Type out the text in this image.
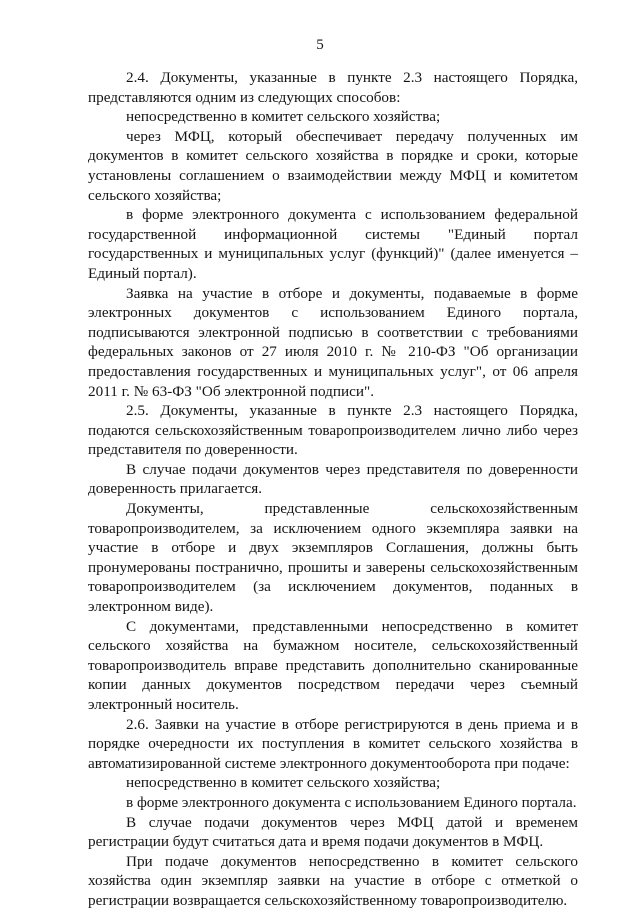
5

2.4. Документы, указанные в пункте 2.3 настоящего Порядка, представляются одним из следующих способов:

непосредственно в комитет сельского хозяйства;

через МФЦ, который обеспечивает передачу полученных им документов в комитет сельского хозяйства в порядке и сроки, которые установлены соглашением о взаимодействии между МФЦ и комитетом сельского хозяйства;

в форме электронного документа с использованием федеральной государственной информационной системы "Единый портал государственных и муниципальных услуг (функций)" (далее именуется – Единый портал).

Заявка на участие в отборе и документы, подаваемые в форме электронных документов с использованием Единого портала, подписываются электронной подписью в соответствии с требованиями федеральных законов от 27 июля 2010 г. № 210-ФЗ "Об организации предоставления государственных и муниципальных услуг", от 06 апреля 2011 г. № 63-ФЗ "Об электронной подписи".

2.5. Документы, указанные в пункте 2.3 настоящего Порядка, подаются сельскохозяйственным товаропроизводителем лично либо через представителя по доверенности.

В случае подачи документов через представителя по доверенности доверенность прилагается.

Документы, представленные сельскохозяйственным товаропроизводителем, за исключением одного экземпляра заявки на участие в отборе и двух экземпляров Соглашения, должны быть пронумерованы постранично, прошиты и заверены сельскохозяйственным товаропроизводителем (за исключением документов, поданных в электронном виде).

С документами, представленными непосредственно в комитет сельского хозяйства на бумажном носителе, сельскохозяйственный товаропроизводитель вправе представить дополнительно сканированные копии данных документов посредством передачи через съемный электронный носитель.

2.6. Заявки на участие в отборе регистрируются в день приема и в порядке очередности их поступления в комитет сельского хозяйства в автоматизированной системе электронного документооборота при подаче:

непосредственно в комитет сельского хозяйства;

в форме электронного документа с использованием Единого портала.

В случае подачи документов через МФЦ датой и временем регистрации будут считаться дата и время подачи документов в МФЦ.

При подаче документов непосредственно в комитет сельского хозяйства один экземпляр заявки на участие в отборе с отметкой о регистрации возвращается сельскохозяйственному товаропроизводителю.
